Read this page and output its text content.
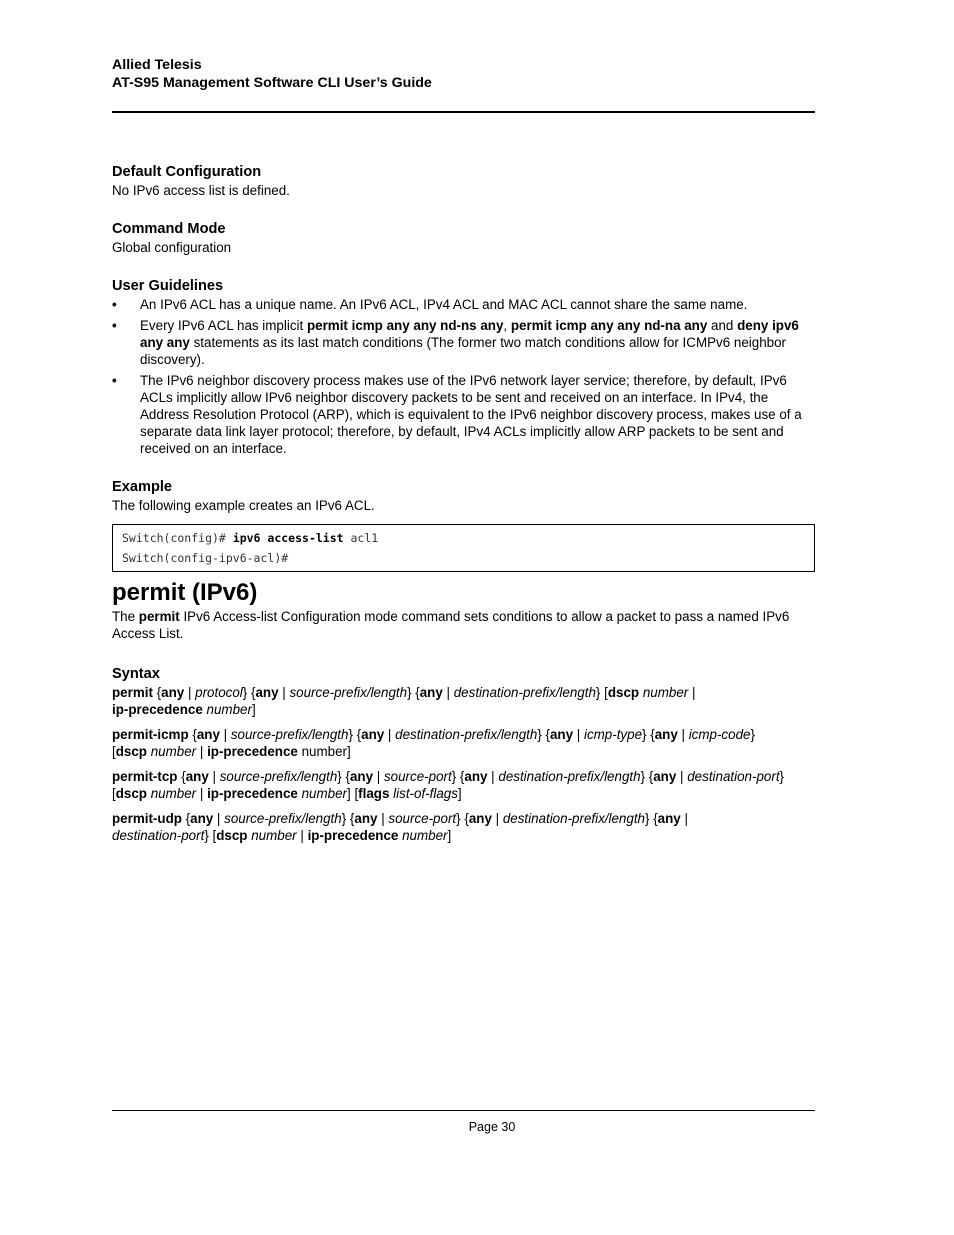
Allied Telesis
AT-S95 Management Software CLI User’s Guide
Default Configuration

No IPv6 access list is defined.

Command Mode

Global configuration

User Guidelines
• An IPv6 ACL has a unique name. An IPv6 ACL, IPv4 ACL and MAC ACL cannot share the same name.
• Every IPv6 ACL has implicit permit icmp any any nd-ns any, permit icmp any any nd-na any and deny ipv6 any any statements as its last match conditions (The former two match conditions allow for ICMPv6 neighbor discovery).
• The IPv6 neighbor discovery process makes use of the IPv6 network layer service; therefore, by default, IPv6 ACLs implicitly allow IPv6 neighbor discovery packets to be sent and received on an interface. In IPv4, the Address Resolution Protocol (ARP), which is equivalent to the IPv6 neighbor discovery process, makes use of a separate data link layer protocol; therefore, by default, IPv4 ACLs implicitly allow ARP packets to be sent and received on an interface.
Example

The following example creates an IPv6 ACL.

Switch(config)# ipv6 access-list acl1
Switch(config-ipv6-acl)#
permit (IPv6)

The permit IPv6 Access-list Configuration mode command sets conditions to allow a packet to pass a named IPv6 Access List.

Syntax

permit {any | protocol} {any | source-prefix/length} {any | destination-prefix/length} [dscp number |
ip-precedence number]

permit-icmp {any | source-prefix/length} {any | destination-prefix/length} {any | icmp-type} {any | icmp-code}
[dscp number | ip-precedence number]

permit-tcp {any | source-prefix/length} {any | source-port} {any | destination-prefix/length} {any | destination-port}
[dscp number | ip-precedence number] [flags list-of-flags]

permit-udp {any | source-prefix/length} {any | source-port} {any | destination-prefix/length} {any |
destination-port} [dscp number | ip-precedence number]

Page 30
